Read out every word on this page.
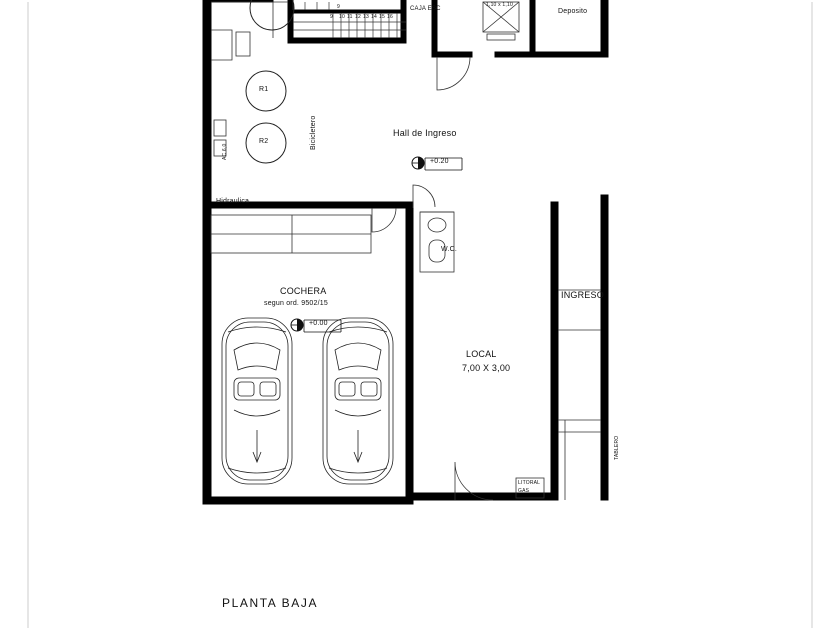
Deposito
CAJA ESC
Hall de Ingreso
Bicicletero
Hidraulica
W.C.
COCHERA
segun ord. 9502/15
LOCAL
7,00 X 3,00
INGRESO
LITORAL
GAS
TABLERO
R1
R2
+0.20
+0.00
1,10 x 1,10
AC 6,0
9 10 11 12 13 14 15 16
9
PLANTA BAJA
